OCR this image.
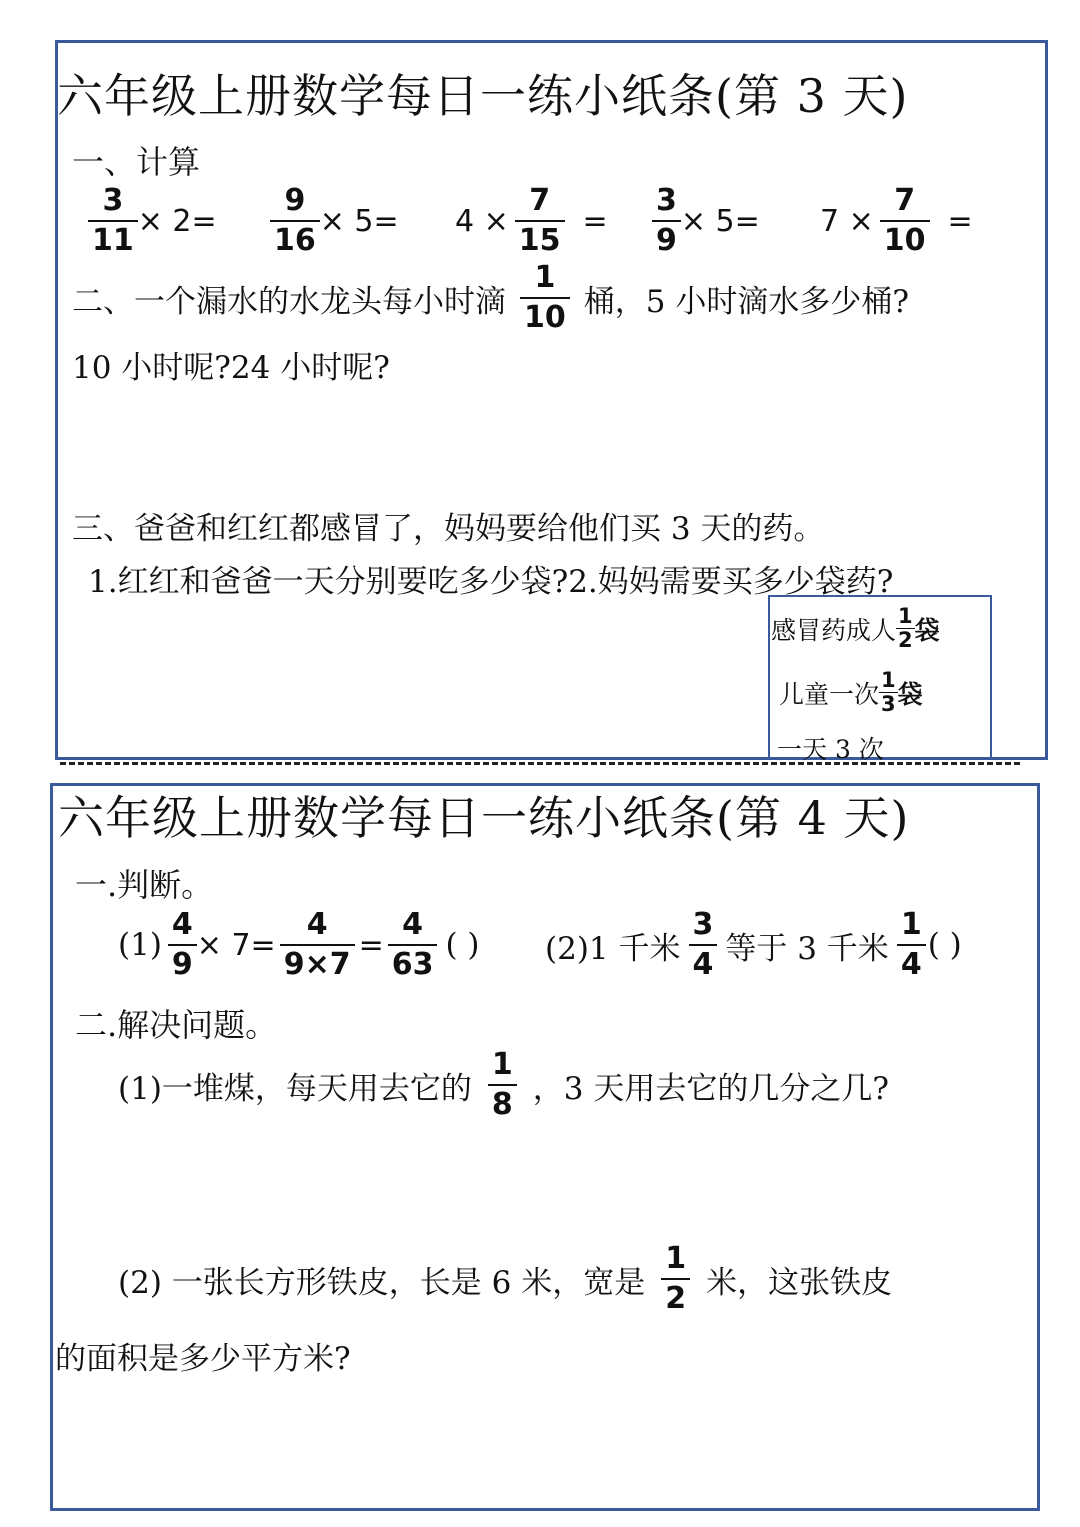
六年级上册数学每日一练小纸条(第 3 天)
一、计算
$\frac{3}{11} \times 2= \frac{9}{16} \times 5= 4 \times \frac{7}{15} = \frac{3}{9} \times 5= 7 \times \frac{7}{10}$ =
二、一个漏水的水龙头每小时滴 $\frac{1}{10}$ 桶，5 小时滴水多少桶?
10 小时呢?24 小时呢?
三、爸爸和红红都感冒了，妈妈要给他们买 3 天的药。
1.红红和爸爸一天分别要吃多少袋?2.妈妈需要买多少袋药?
感冒药成人 $\frac{1}{2}$ 袋
儿童一次 $\frac{1}{3}$ 袋
一天 3 次
六年级上册数学每日一练小纸条(第 4 天)
一.判断。
$(1) \frac{4}{9} \times 7= \frac{4}{9\times 7} = \frac{4}{63}$ ( ) (2)1 千米 $\frac{3}{4}$ 等于 3 千米 $\frac{1}{4}$ ( )
二.解决问题。
(1)一堆煤，每天用去它的 $\frac{1}{8}$ ，3 天用去它的几分之几?
(2) 一张长方形铁皮，长是 6 米，宽是 $\frac{1}{2}$ 米，这张铁皮
的面积是多少平方米?
